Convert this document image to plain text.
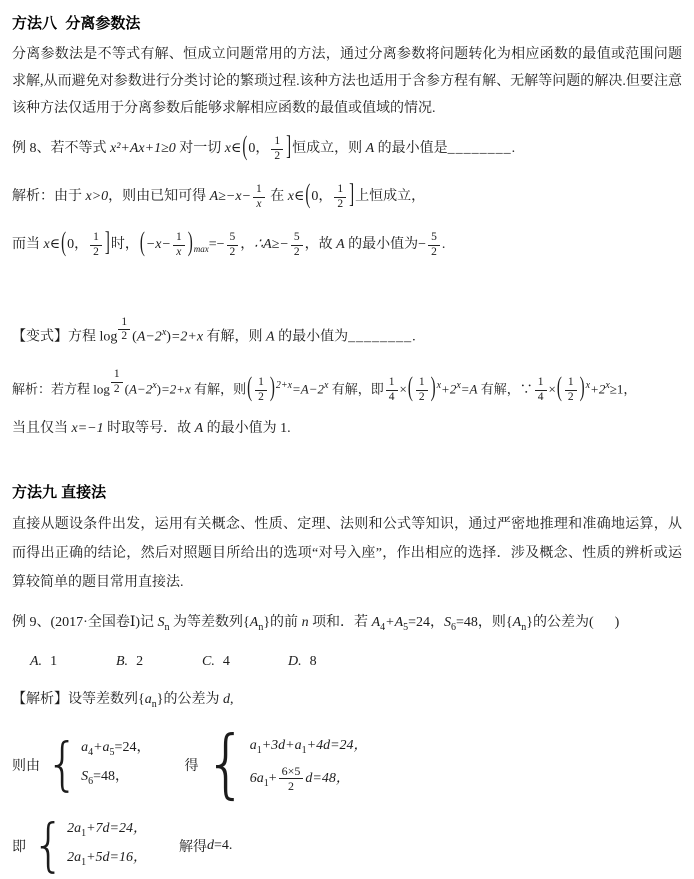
方法八  分离参数法
分离参数法是不等式有解、恒成立问题常用的方法，通过分离参数将问题转化为相应函数的最值或范围问题求解,从而避免对参数进行分类讨论的繁琐过程.该种方法也适用于含参方程有解、无解等问题的解决.但要注意该种方法仅适用于分离参数后能够求解相应函数的最值或值域的情况.
例 8、若不等式 x²+Ax+1≥0 对一切 x∈(0， $\frac{1}{2}$ ]恒成立，则 A 的最小值是________.
解析：由于 x>0，则由已知可得 $A\ge-x- \frac{1}{x}$ 在 x∈(0， $\frac{1}{2}$ ]上恒成立，
而当 x∈(0， $\frac{1}{2}$ ]时，$(-x- \frac{1}{x} )_{max}=- \frac{5}{2}$ ，∴A≥− $\frac{5}{2}$ ，故 A 的最小值为− $\frac{5}{2}$ .
【变式】方程 $\log \frac{1}{2} (A-2^x)=2+x$ 有解，则 A 的最小值为________.
解析：若方程 $\log \frac{1}{2} (A-2^x)=2+x$ 有解，则( $\frac{1}{2} )^{2+x}=A-2^x$ 有解，即 $\frac{1}{4}$ ×( $\frac{1}{2} )^x+2^x=A$ 有解，∵ $\frac{1}{4}$ ×( $\frac{1}{2} )^x+2^x\ge 1$，
当且仅当 x=−1 时取等号．故 A 的最小值为 1.
方法九 直接法
直接从题设条件出发，运用有关概念、性质、定理、法则和公式等知识，通过严密地推理和准确地运算，从而得出正确的结论，然后对照题目所给出的选项“对号入座”，作出相应的选择．涉及概念、性质的辨析或运算较简单的题目常用直接法.
例 9、(2017·全国卷Ⅰ)记 $S_n$ 为等差数列$\{A_n\}$的前 n 项和．若 $A_4+A_5=24$，$S_6=48$，则$\{A_n\}$的公差为(      )
A. 1	B. 2	C. 4	D. 8
【解析】设等差数列$\{a_n\}$的公差为 d,
则由 { $a_4+a_5=24$，
$S_6=48$，
得 { $a_1+3d+a_1+4d=24$，
$6a_1+ \frac{6\times 5}{2} d=48$，
即 { $2a_1+7d=24$，
$2a_1+5d=16$，
解得 d =4.
